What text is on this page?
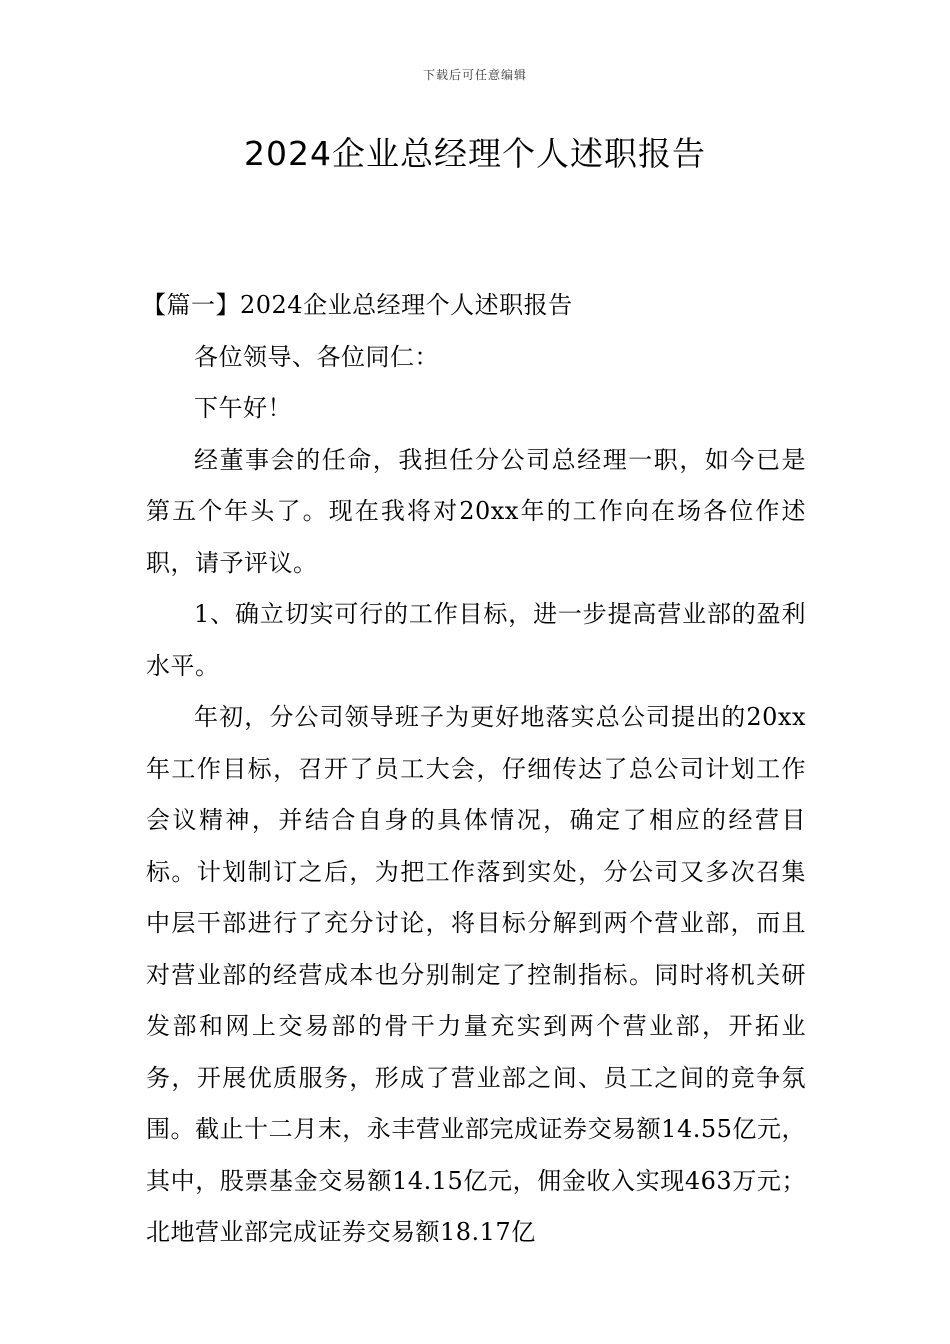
下载后可任意编辑
2024企业总经理个人述职报告

【篇一】2024企业总经理个人述职报告

各位领导、各位同仁：

下午好！

经董事会的任命，我担任分公司总经理一职，如今已是第五个年头了。现在我将对20xx年的工作向在场各位作述职，请予评议。

1、确立切实可行的工作目标，进一步提高营业部的盈利水平。

年初，分公司领导班子为更好地落实总公司提出的20xx年工作目标，召开了员工大会，仔细传达了总公司计划工作会议精神，并结合自身的具体情况，确定了相应的经营目标。计划制订之后，为把工作落到实处，分公司又多次召集中层干部进行了充分讨论，将目标分解到两个营业部，而且对营业部的经营成本也分别制定了控制指标。同时将机关研发部和网上交易部的骨干力量充实到两个营业部，开拓业务，开展优质服务，形成了营业部之间、员工之间的竞争氛围。截止十二月末，永丰营业部完成证券交易额14.55亿元，其中，股票基金交易额14.15亿元，佣金收入实现463万元；北地营业部完成证券交易额18.17亿
